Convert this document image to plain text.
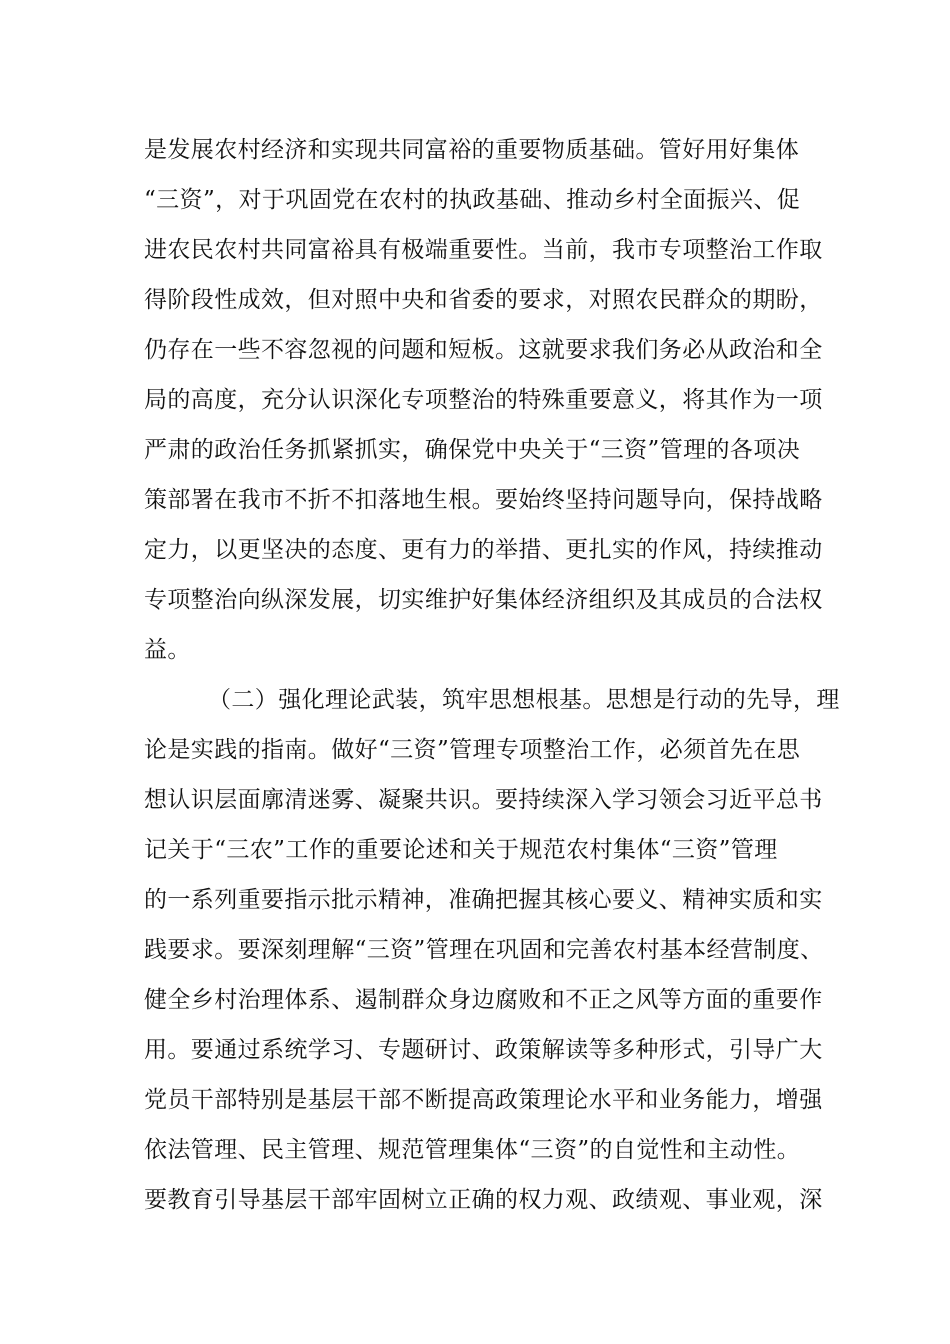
是发展农村经济和实现共同富裕的重要物质基础。管好用好集体
“三资”，对于巩固党在农村的执政基础、推动乡村全面振兴、促
进农民农村共同富裕具有极端重要性。当前，我市专项整治工作取
得阶段性成效，但对照中央和省委的要求，对照农民群众的期盼，
仍存在一些不容忽视的问题和短板。这就要求我们务必从政治和全
局的高度，充分认识深化专项整治的特殊重要意义，将其作为一项
严肃的政治任务抓紧抓实，确保党中央关于“三资”管理的各项决
策部署在我市不折不扣落地生根。要始终坚持问题导向，保持战略
定力，以更坚决的态度、更有力的举措、更扎实的作风，持续推动
专项整治向纵深发展，切实维护好集体经济组织及其成员的合法权
益。
（二）强化理论武装，筑牢思想根基。思想是行动的先导，理
论是实践的指南。做好“三资”管理专项整治工作，必须首先在思
想认识层面廓清迷雾、凝聚共识。要持续深入学习领会习近平总书
记关于“三农”工作的重要论述和关于规范农村集体“三资”管理
的一系列重要指示批示精神，准确把握其核心要义、精神实质和实
践要求。要深刻理解“三资”管理在巩固和完善农村基本经营制度、
健全乡村治理体系、遏制群众身边腐败和不正之风等方面的重要作
用。要通过系统学习、专题研讨、政策解读等多种形式，引导广大
党员干部特别是基层干部不断提高政策理论水平和业务能力，增强
依法管理、民主管理、规范管理集体“三资”的自觉性和主动性。
要教育引导基层干部牢固树立正确的权力观、政绩观、事业观，深
